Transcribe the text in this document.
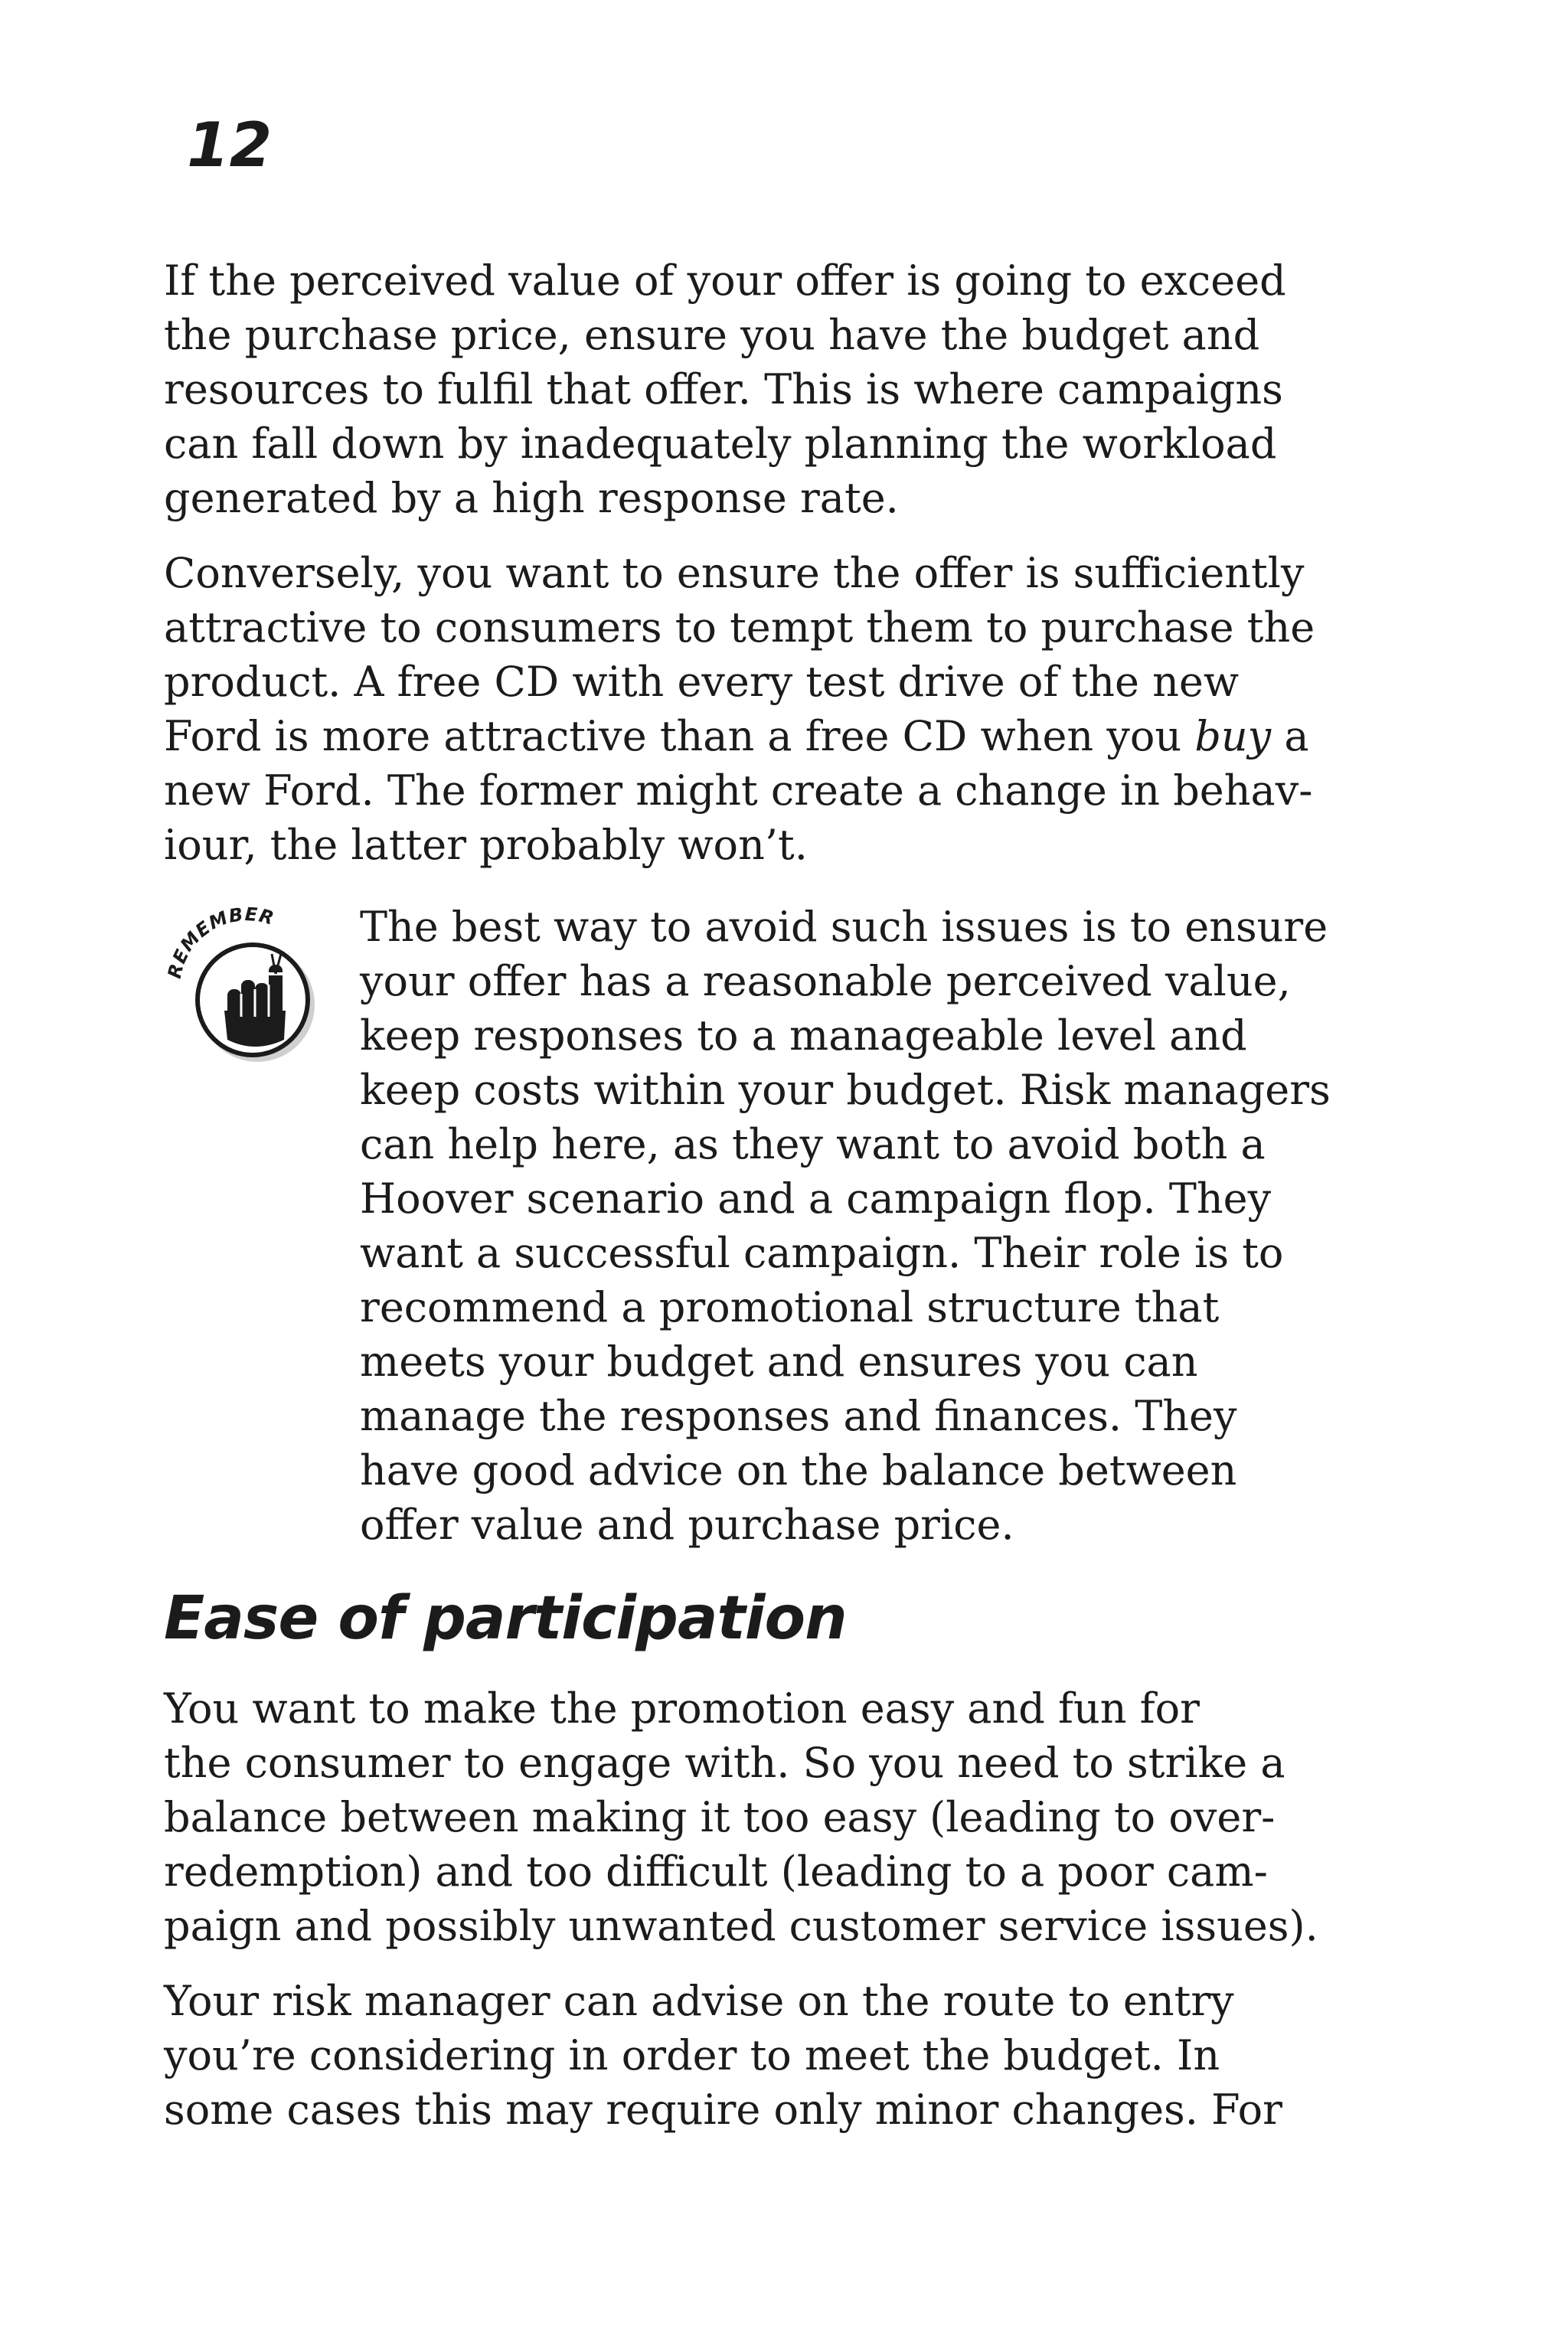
12

If the perceived value of your offer is going to exceed

the purchase price, ensure you have the budget and

resources to fulfil that offer. This is where campaigns

can fall down by inadequately planning the workload

generated by a high response rate.

Conversely, you want to ensure the offer is sufficiently

attractive to consumers to tempt them to purchase the

product. A free CD with every test drive of the new

Ford is more attractive than a free CD when you buy a

new Ford. The former might create a change in behav-

iour, the latter probably won’t.

REMEMBER The best way to avoid such issues is to ensure

your offer has a reasonable perceived value,

keep responses to a manageable level and

keep costs within your budget. Risk managers

can help here, as they want to avoid both a

Hoover scenario and a campaign flop. They

want a successful campaign. Their role is to

recommend a promotional structure that

meets your budget and ensures you can

manage the responses and finances. They

have good advice on the balance between

offer value and purchase price.

Ease of participation

You want to make the promotion easy and fun for

the consumer to engage with. So you need to strike a

balance between making it too easy (leading to over-

redemption) and too difficult (leading to a poor cam-

paign and possibly unwanted customer service issues).

Your risk manager can advise on the route to entry

you’re considering in order to meet the budget. In

some cases this may require only minor changes. For
